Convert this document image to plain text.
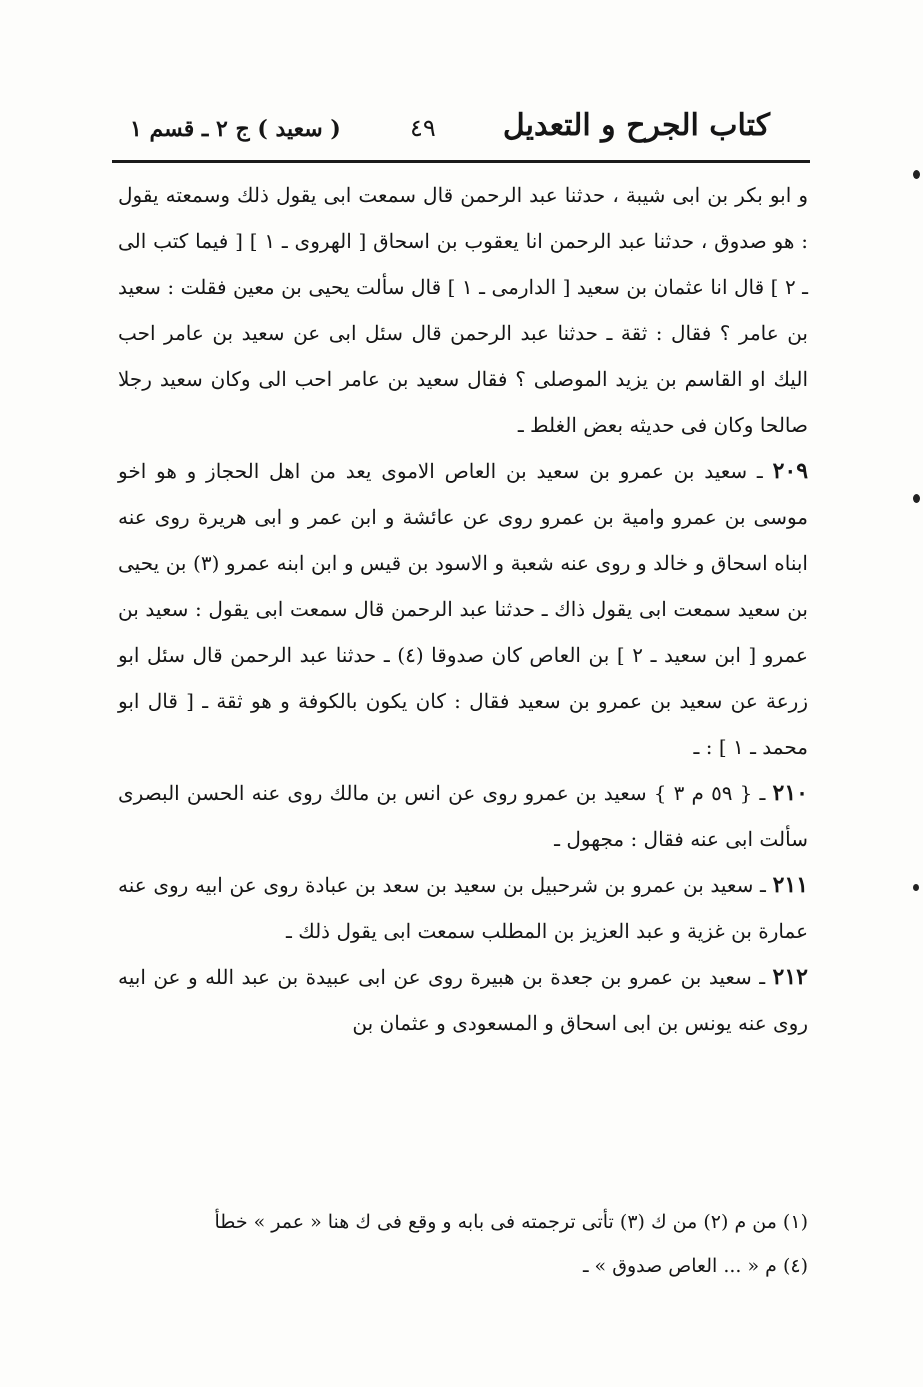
كتاب الجرح و التعديل
٤٩
( سعيد ) ج ٢ ـ قسم ١

و ابو بكر بن ابى شيبة ، حدثنا عبد الرحمن قال سمعت ابى يقول ذلك وسمعته يقول : هو صدوق ، حدثنا عبد الرحمن انا يعقوب بن اسحاق [ الهروى ـ ١ ] [ فيما كتب الى ـ ٢ ] قال انا عثمان بن سعيد [ الدارمى ـ ١ ] قال سألت يحيى بن معين فقلت : سعيد بن عامر ؟ فقال : ثقة ـ حدثنا عبد الرحمن قال سئل ابى عن سعيد بن عامر احب اليك او القاسم بن يزيد الموصلى ؟ فقال سعيد بن عامر احب الى وكان سعيد رجلا صالحا وكان فى حديثه بعض الغلط ـ

٢٠٩ ـ سعيد بن عمرو بن سعيد بن العاص الاموى يعد من اهل الحجاز و هو اخو موسى بن عمرو وامية بن عمرو روى عن عائشة و ابن عمر و ابى هريرة روى عنه ابناه اسحاق و خالد و روى عنه شعبة و الاسود بن قيس و ابن ابنه عمرو (٣) بن يحيى بن سعيد سمعت ابى يقول ذاك ـ حدثنا عبد الرحمن قال سمعت ابى يقول : سعيد بن عمرو [ ابن سعيد ـ ٢ ] بن العاص كان صدوقا (٤) ـ حدثنا عبد الرحمن قال سئل ابو زرعة عن سعيد بن عمرو بن سعيد فقال : كان يكون بالكوفة و هو ثقة ـ [ قال ابو محمد ـ ١ ] : ـ

٢١٠ ـ { ٥٩ م ٣ } سعيد بن عمرو روى عن انس بن مالك روى عنه الحسن البصرى سألت ابى عنه فقال : مجهول ـ

٢١١ ـ سعيد بن عمرو بن شرحبيل بن سعيد بن سعد بن عبادة روى عن ابيه روى عنه عمارة بن غزية و عبد العزيز بن المطلب سمعت ابى يقول ذلك ـ

٢١٢ ـ سعيد بن عمرو بن جعدة بن هبيرة روى عن ابى عبيدة بن عبد الله و عن ابيه روى عنه يونس بن ابى اسحاق و المسعودى و عثمان بن

(١) من م (٢) من ك (٣) تأتى ترجمته فى بابه و وقع فى ك هنا « عمر » خطأ
(٤) م « ... العاص صدوق » ـ
